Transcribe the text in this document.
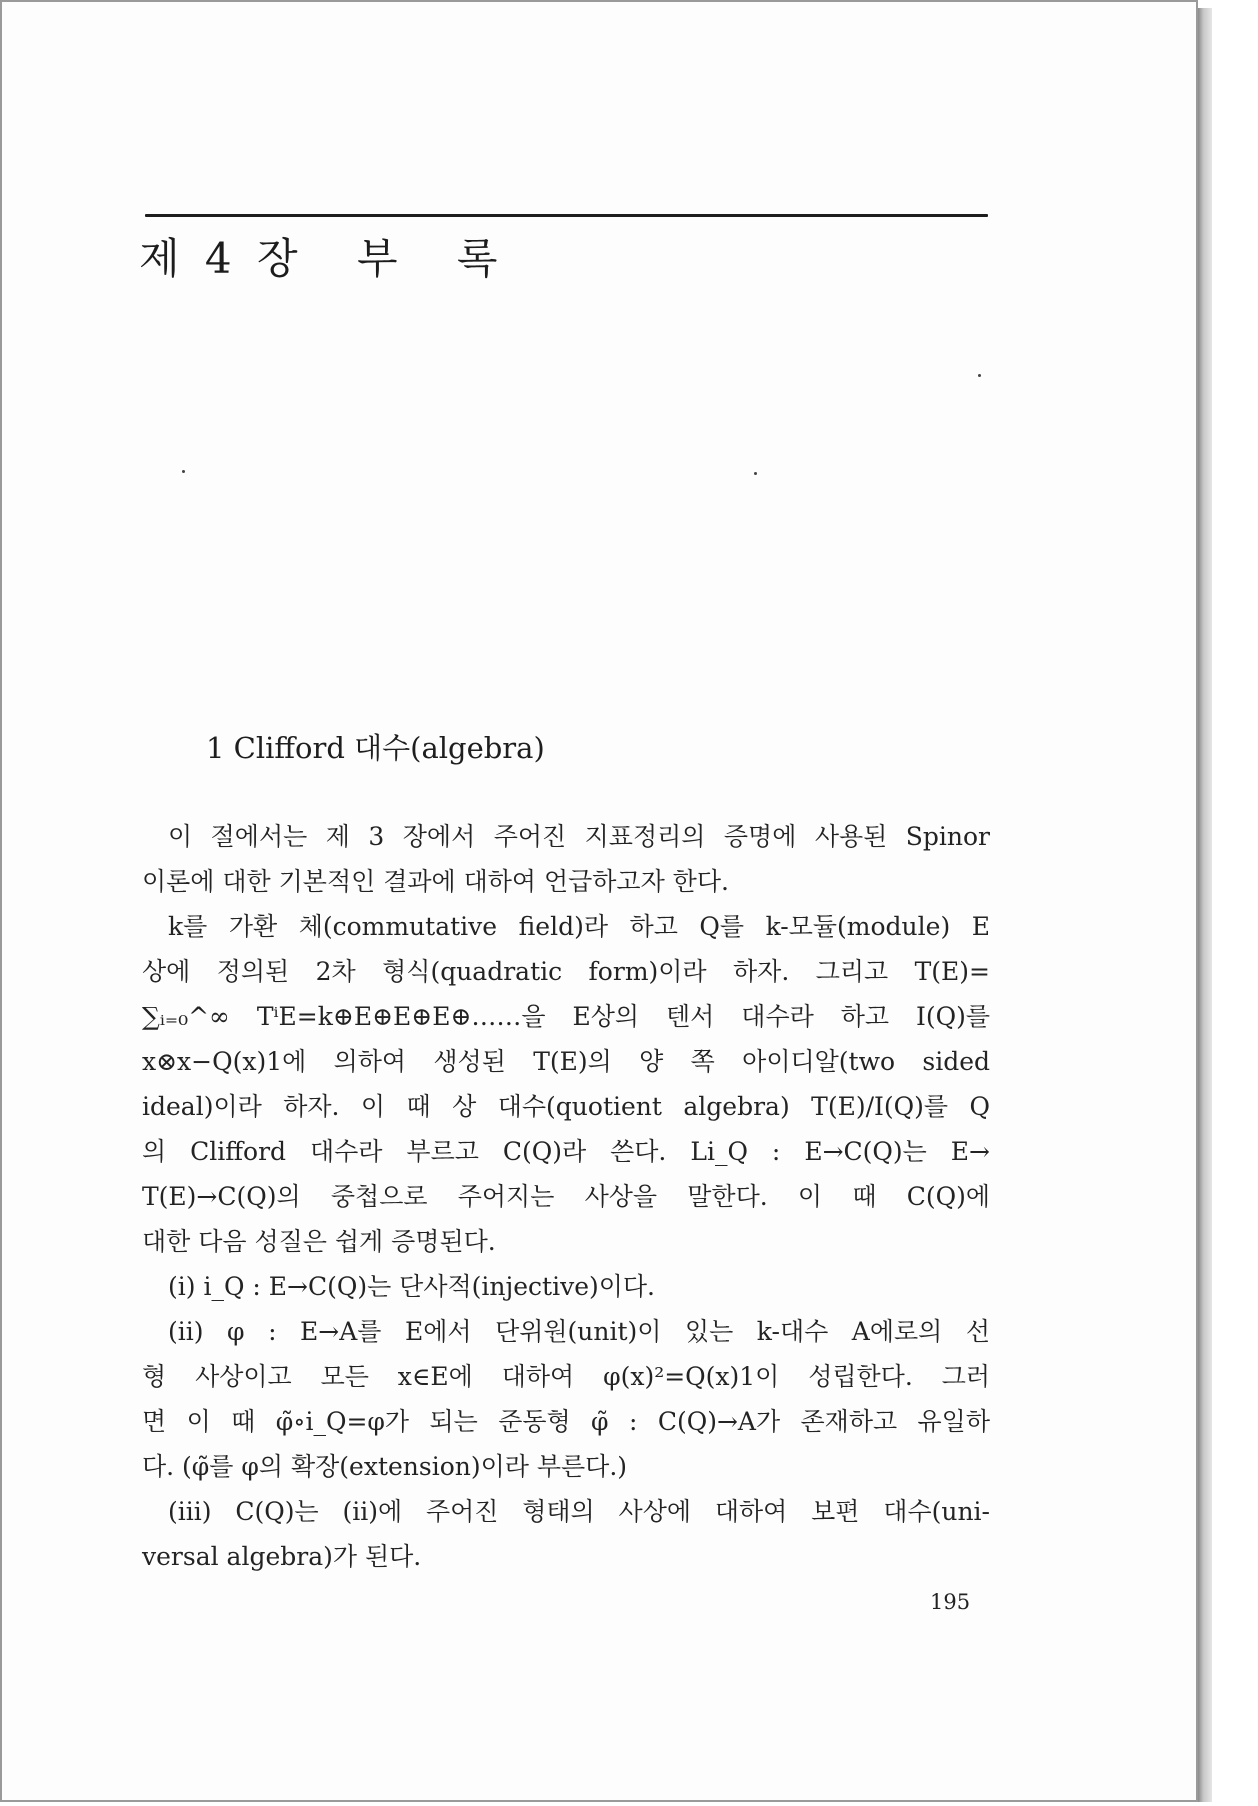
제 4 장 부 록
1 Clifford 대수(algebra)
이 절에서는 제 3 장에서 주어진 지표정리의 증명에 사용된 Spinor
이론에 대한 기본적인 결과에 대하여 언급하고자 한다.
k를 가환 체(commutative field)라 하고 Q를 k-모듈(module) E
상에 정의된 2차 형식(quadratic form)이라 하자. 그리고 T(E)=
∑ᵢ₌₀^∞ TⁱE=k⊕E⊕E⊕E⊕……을 E상의 텐서 대수라 하고 I(Q)를
x⊗x−Q(x)1에 의하여 생성된 T(E)의 양 쪽 아이디알(two sided
ideal)이라 하자. 이 때 상 대수(quotient algebra) T(E)/I(Q)를 Q
의 Clifford 대수라 부르고 C(Q)라 쓴다. Li_Q : E→C(Q)는 E→
T(E)→C(Q)의 중첩으로 주어지는 사상을 말한다. 이 때 C(Q)에
대한 다음 성질은 쉽게 증명된다.
(i) i_Q : E→C(Q)는 단사적(injective)이다.
(ii) φ : E→A를 E에서 단위원(unit)이 있는 k-대수 A에로의 선
형 사상이고 모든 x∈E에 대하여 φ(x)²=Q(x)1이 성립한다. 그러
면 이 때 φ̃∘i_Q=φ가 되는 준동형 φ̃ : C(Q)→A가 존재하고 유일하
다. (φ̃를 φ의 확장(extension)이라 부른다.)
(iii) C(Q)는 (ii)에 주어진 형태의 사상에 대하여 보편 대수(uni-
versal algebra)가 된다.
195
